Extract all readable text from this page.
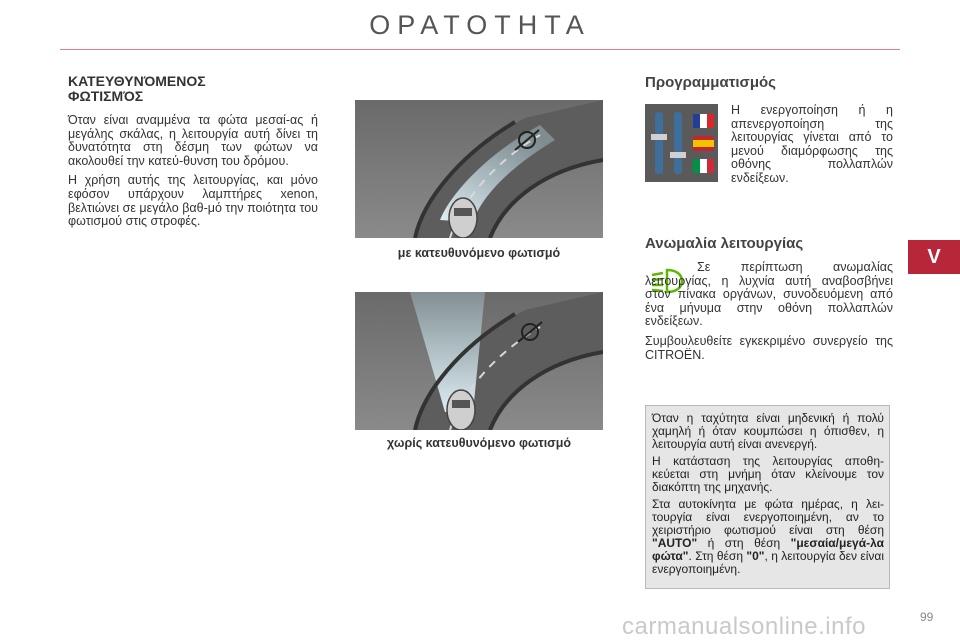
ΟΡΑΤΟΤΗΤΑ
ΚΑΤΕΥΘΥΝΌΜΕΝΟΣ
ΦΩΤΙΣΜΌΣ

Όταν είναι αναμμένα τα φώτα μεσαί-ας ή μεγάλης σκάλας, η λειτουργία αυτή δίνει τη δυνατότητα στη δέσμη των φώτων να ακολουθεί την κατεύ-θυνση του δρόμου.

Η χρήση αυτής της λειτουργίας, και μόνο εφόσον υπάρχουν λαμπτήρες xenon, βελτιώνει σε μεγάλο βαθ-μό την ποιότητα του φωτισμού στις στροφές.

με κατευθυνόμενο φωτισμό
χωρίς κατευθυνόμενο φωτισμό
Προγραμματισμός

Η ενεργοποίηση ή η απενεργοποίηση της λειτουργίας γίνεται από το μενού διαμόρφωσης της οθόνης πολλαπλών ενδείξεων.

Ανωμαλία λειτουργίας

Σε περίπτωση ανωμαλίας λειτουργίας, η λυχνία αυτή αναβοσβήνει στον πίνακα οργάνων, συνοδευόμενη από ένα μήνυμα στην οθόνη πολλαπλών ενδείξεων.

Συμβουλευθείτε εγκεκριμένο συνεργείο της CITROËN.

Όταν η ταχύτητα είναι μηδενική ή πολύ χαμηλή ή όταν κουμπώσει η όπισθεν, η λειτουργία αυτή είναι ανενεργή.

Η κατάσταση της λειτουργίας αποθη-κεύεται στη μνήμη όταν κλείνουμε τον διακόπτη της μηχανής.

Στα αυτοκίνητα με φώτα ημέρας, η λει-τουργία είναι ενεργοποιημένη, αν το χειριστήριο φωτισμού είναι στη θέση "AUTO" ή στη θέση "μεσαία/μεγά-λα φώτα". Στη θέση "0", η λειτουργία δεν είναι ενεργοποιημένη.

V
carmanualsonline.info	99
